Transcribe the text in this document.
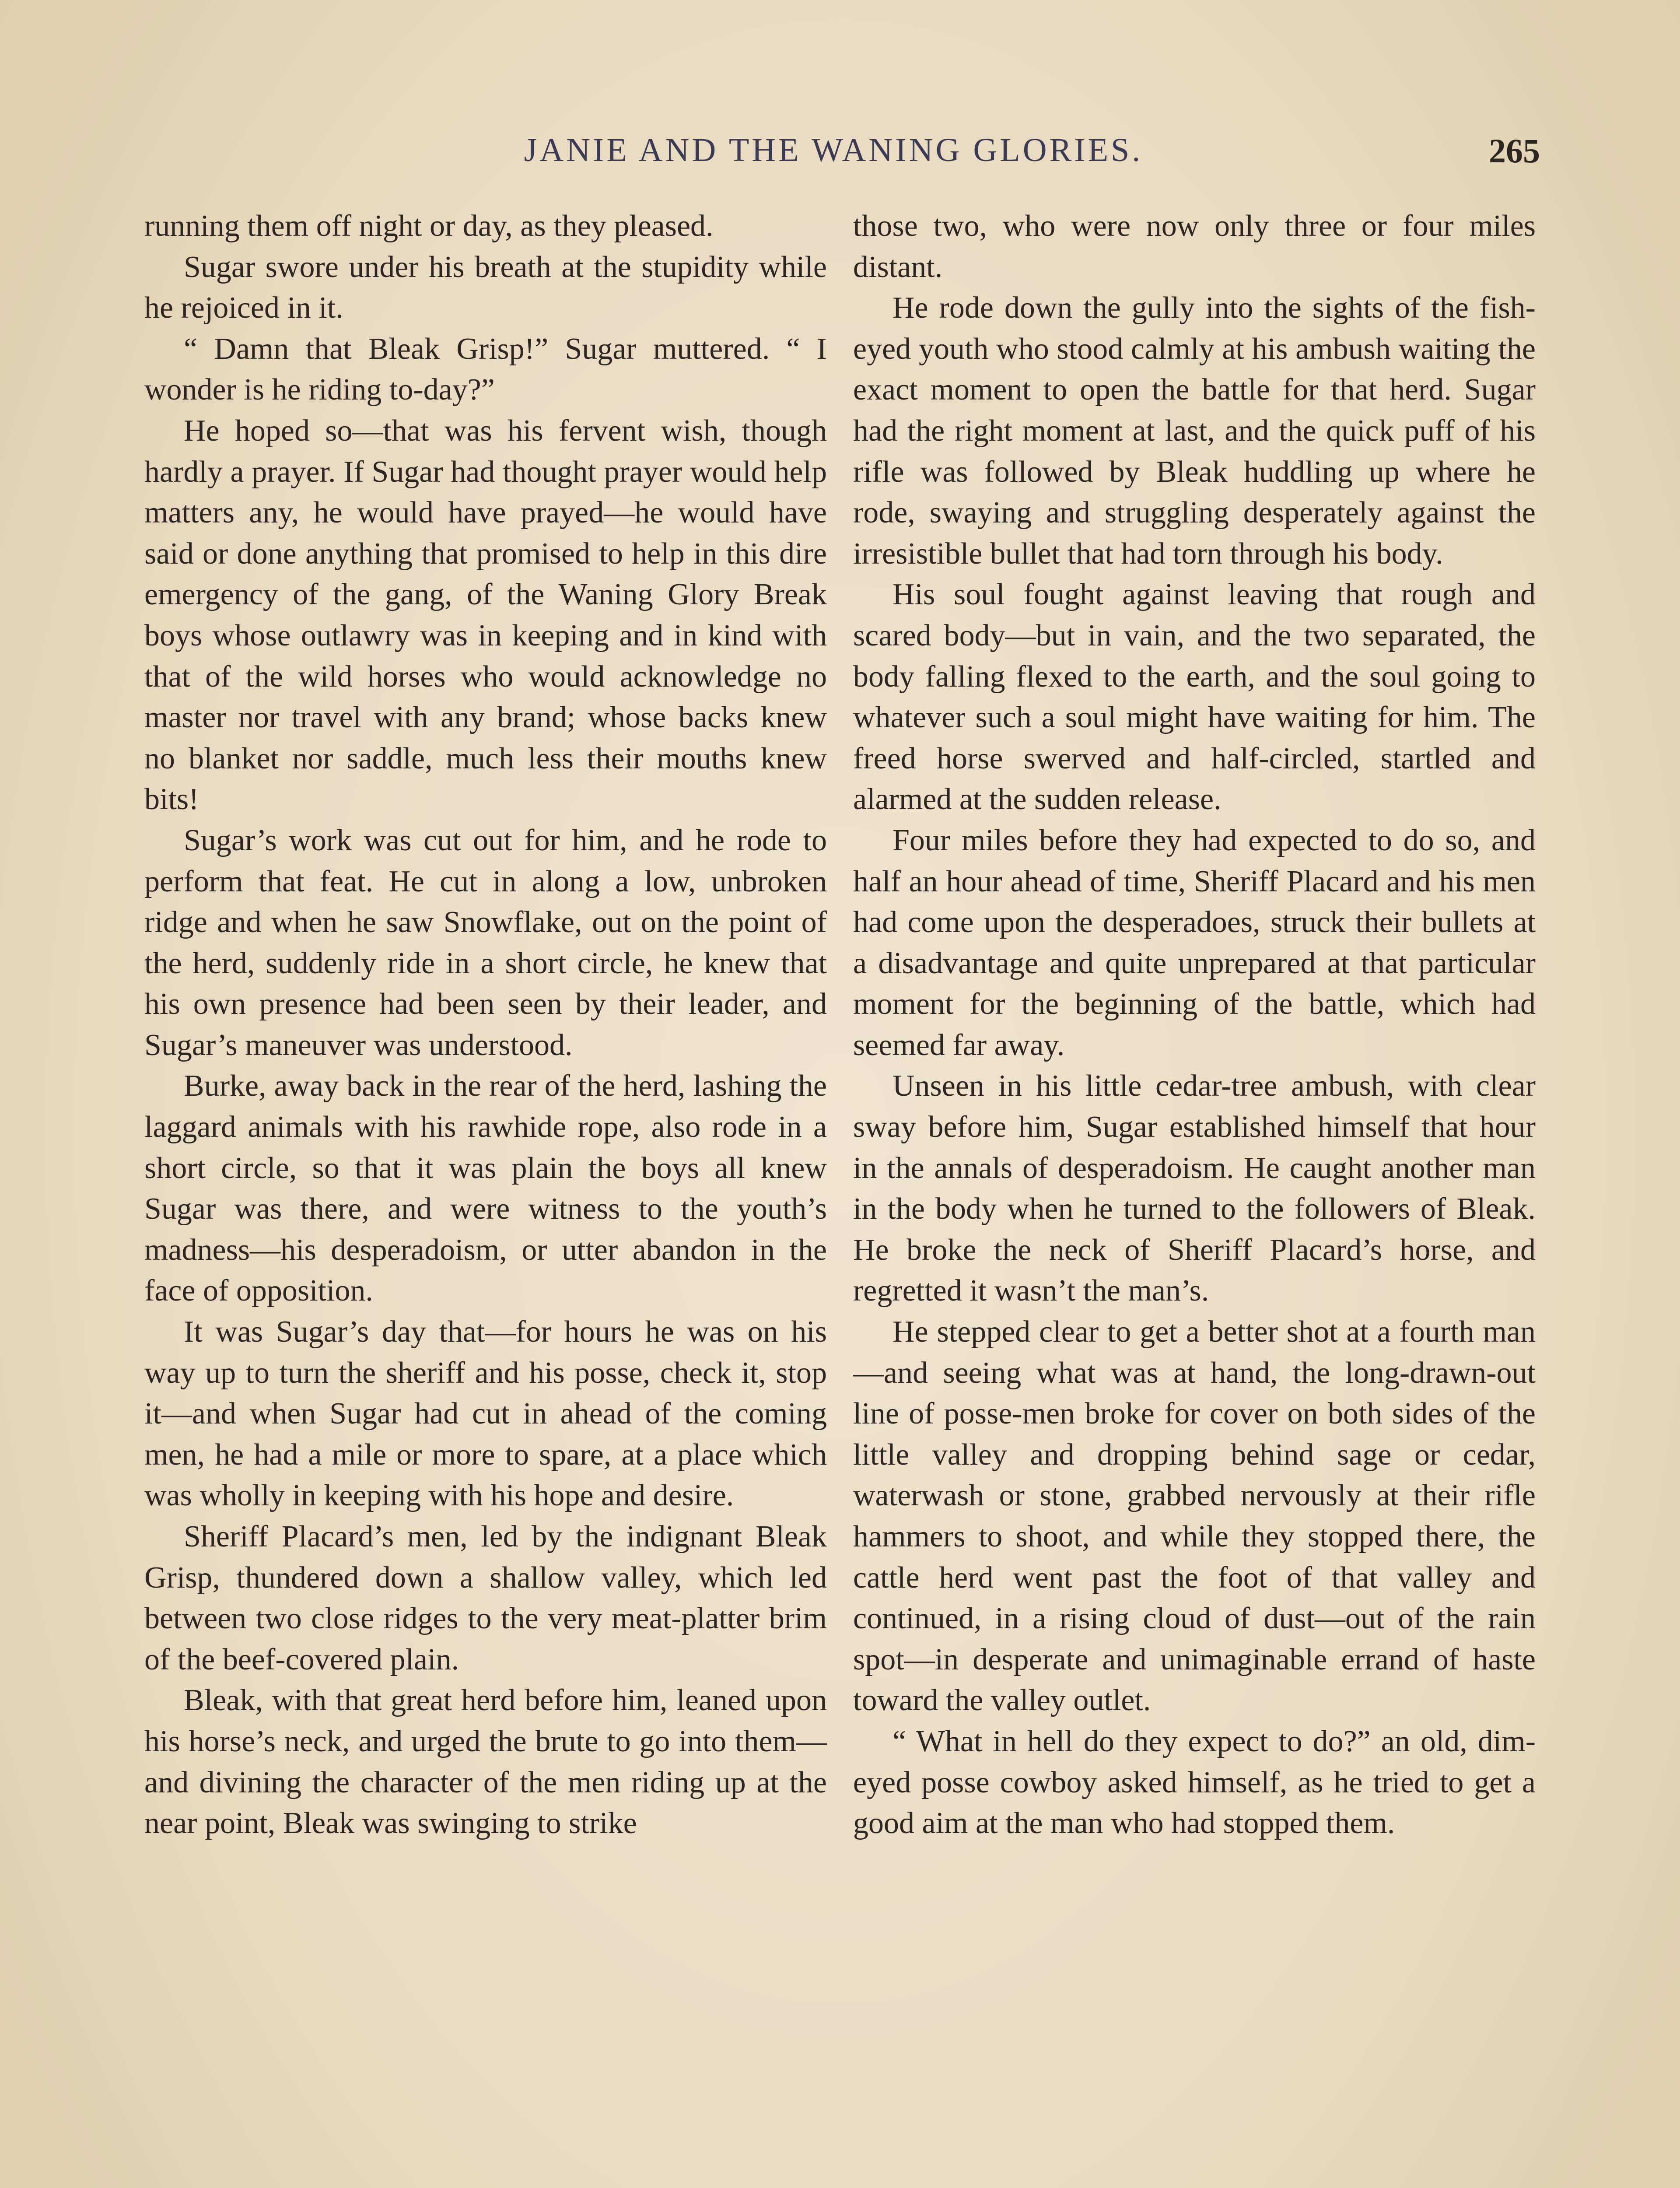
JANIE AND THE WANING GLORIES.	265

running them off night or day, as they pleased.

Sugar swore under his breath at the stupidity while he rejoiced in it.

“ Damn that Bleak Grisp!” Sugar muttered. “ I wonder is he riding to-day?”

He hoped so—that was his fervent wish, though hardly a prayer. If Sugar had thought prayer would help matters any, he would have prayed—he would have said or done anything that promised to help in this dire emergency of the gang, of the Waning Glory Break boys whose outlawry was in keeping and in kind with that of the wild horses who would acknowledge no master nor travel with any brand; whose backs knew no blanket nor saddle, much less their mouths knew bits!

Sugar’s work was cut out for him, and he rode to perform that feat. He cut in along a low, unbroken ridge and when he saw Snowflake, out on the point of the herd, suddenly ride in a short circle, he knew that his own presence had been seen by their leader, and Sugar’s maneuver was understood.

Burke, away back in the rear of the herd, lashing the laggard animals with his rawhide rope, also rode in a short circle, so that it was plain the boys all knew Sugar was there, and were witness to the youth’s madness—his desperadoism, or utter abandon in the face of opposition.

It was Sugar’s day that—for hours he was on his way up to turn the sheriff and his posse, check it, stop it—and when Sugar had cut in ahead of the coming men, he had a mile or more to spare, at a place which was wholly in keeping with his hope and desire.

Sheriff Placard’s men, led by the indignant Bleak Grisp, thundered down a shallow valley, which led between two close ridges to the very meat-platter brim of the beef-covered plain.

Bleak, with that great herd before him, leaned upon his horse’s neck, and urged the brute to go into them—and divining the character of the men riding up at the near point, Bleak was swinging to strike

those two, who were now only three or four miles distant.

He rode down the gully into the sights of the fish-eyed youth who stood calmly at his ambush waiting the exact moment to open the battle for that herd. Sugar had the right moment at last, and the quick puff of his rifle was followed by Bleak huddling up where he rode, swaying and struggling desperately against the irresistible bullet that had torn through his body.

His soul fought against leaving that rough and scared body—but in vain, and the two separated, the body falling flexed to the earth, and the soul going to whatever such a soul might have waiting for him. The freed horse swerved and half-circled, startled and alarmed at the sudden release.

Four miles before they had expected to do so, and half an hour ahead of time, Sheriff Placard and his men had come upon the desperadoes, struck their bullets at a disadvantage and quite unprepared at that particular moment for the beginning of the battle, which had seemed far away.

Unseen in his little cedar-tree ambush, with clear sway before him, Sugar established himself that hour in the annals of desperadoism. He caught another man in the body when he turned to the followers of Bleak. He broke the neck of Sheriff Placard’s horse, and regretted it wasn’t the man’s.

He stepped clear to get a better shot at a fourth man—and seeing what was at hand, the long-drawn-out line of posse-men broke for cover on both sides of the little valley and dropping behind sage or cedar, waterwash or stone, grabbed nervously at their rifle hammers to shoot, and while they stopped there, the cattle herd went past the foot of that valley and continued, in a rising cloud of dust—out of the rain spot—in desperate and unimaginable errand of haste toward the valley outlet.

“ What in hell do they expect to do?” an old, dim-eyed posse cowboy asked himself, as he tried to get a good aim at the man who had stopped them.
